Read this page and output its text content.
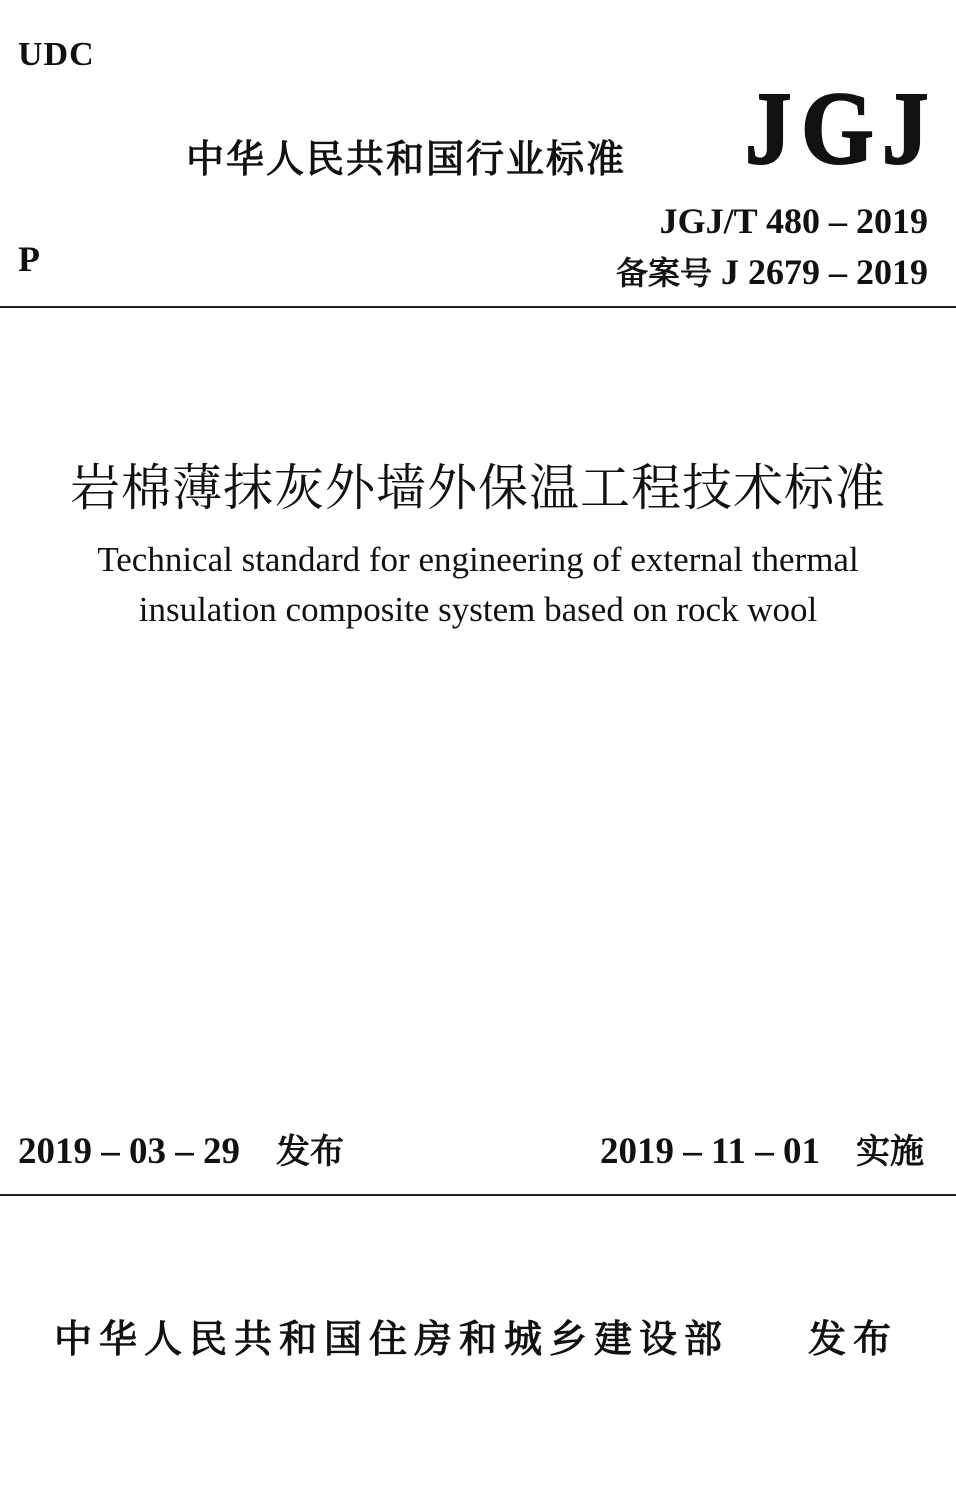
UDC
中华人民共和国行业标准 J G J
JGJ/T 480 – 2019
P	备案号 J 2679 – 2019
岩棉薄抹灰外墙外保温工程技术标准
Technical standard for engineering of external thermal
insulation composite system based on rock wool
2019 – 03 – 29 发布	2019 – 11 – 01 实施
中华人民共和国住房和城乡建设部 发布
